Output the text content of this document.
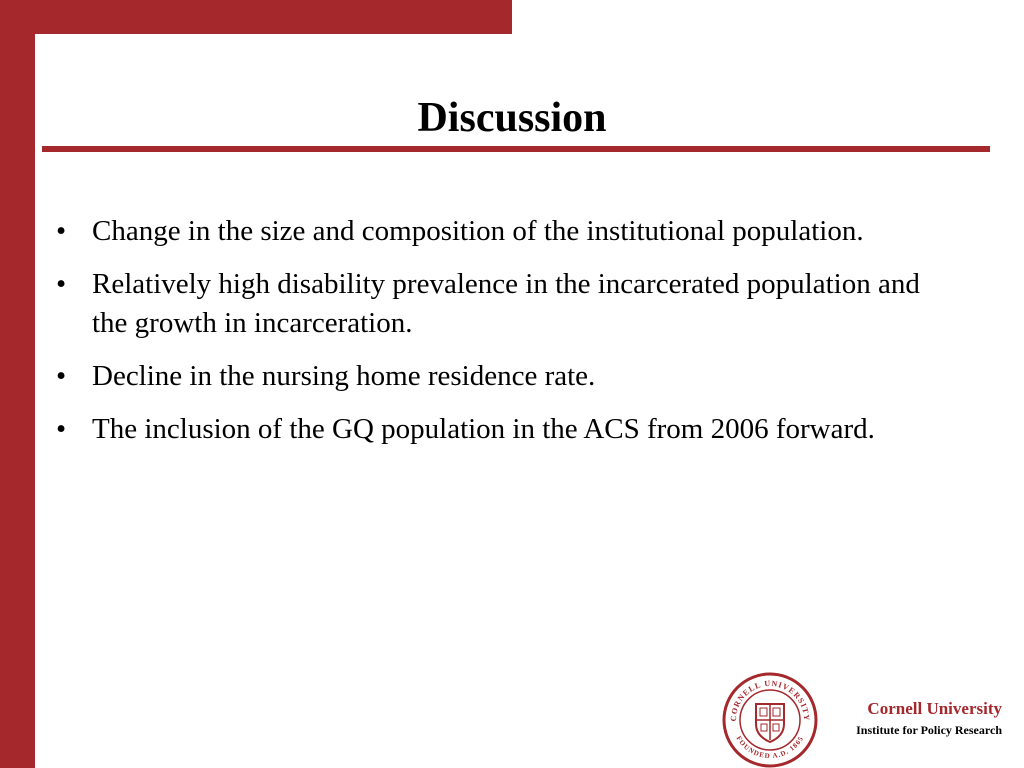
Discussion
• Change in the size and composition of the institutional population.
• Relatively high disability prevalence in the incarcerated population and the growth in incarceration.
• Decline in the nursing home residence rate.
• The inclusion of the GQ population in the ACS from 2006 forward.
CORNELL UNIVERSITY
FOUNDED A.D. 1865
Cornell University
Institute for Policy Research
